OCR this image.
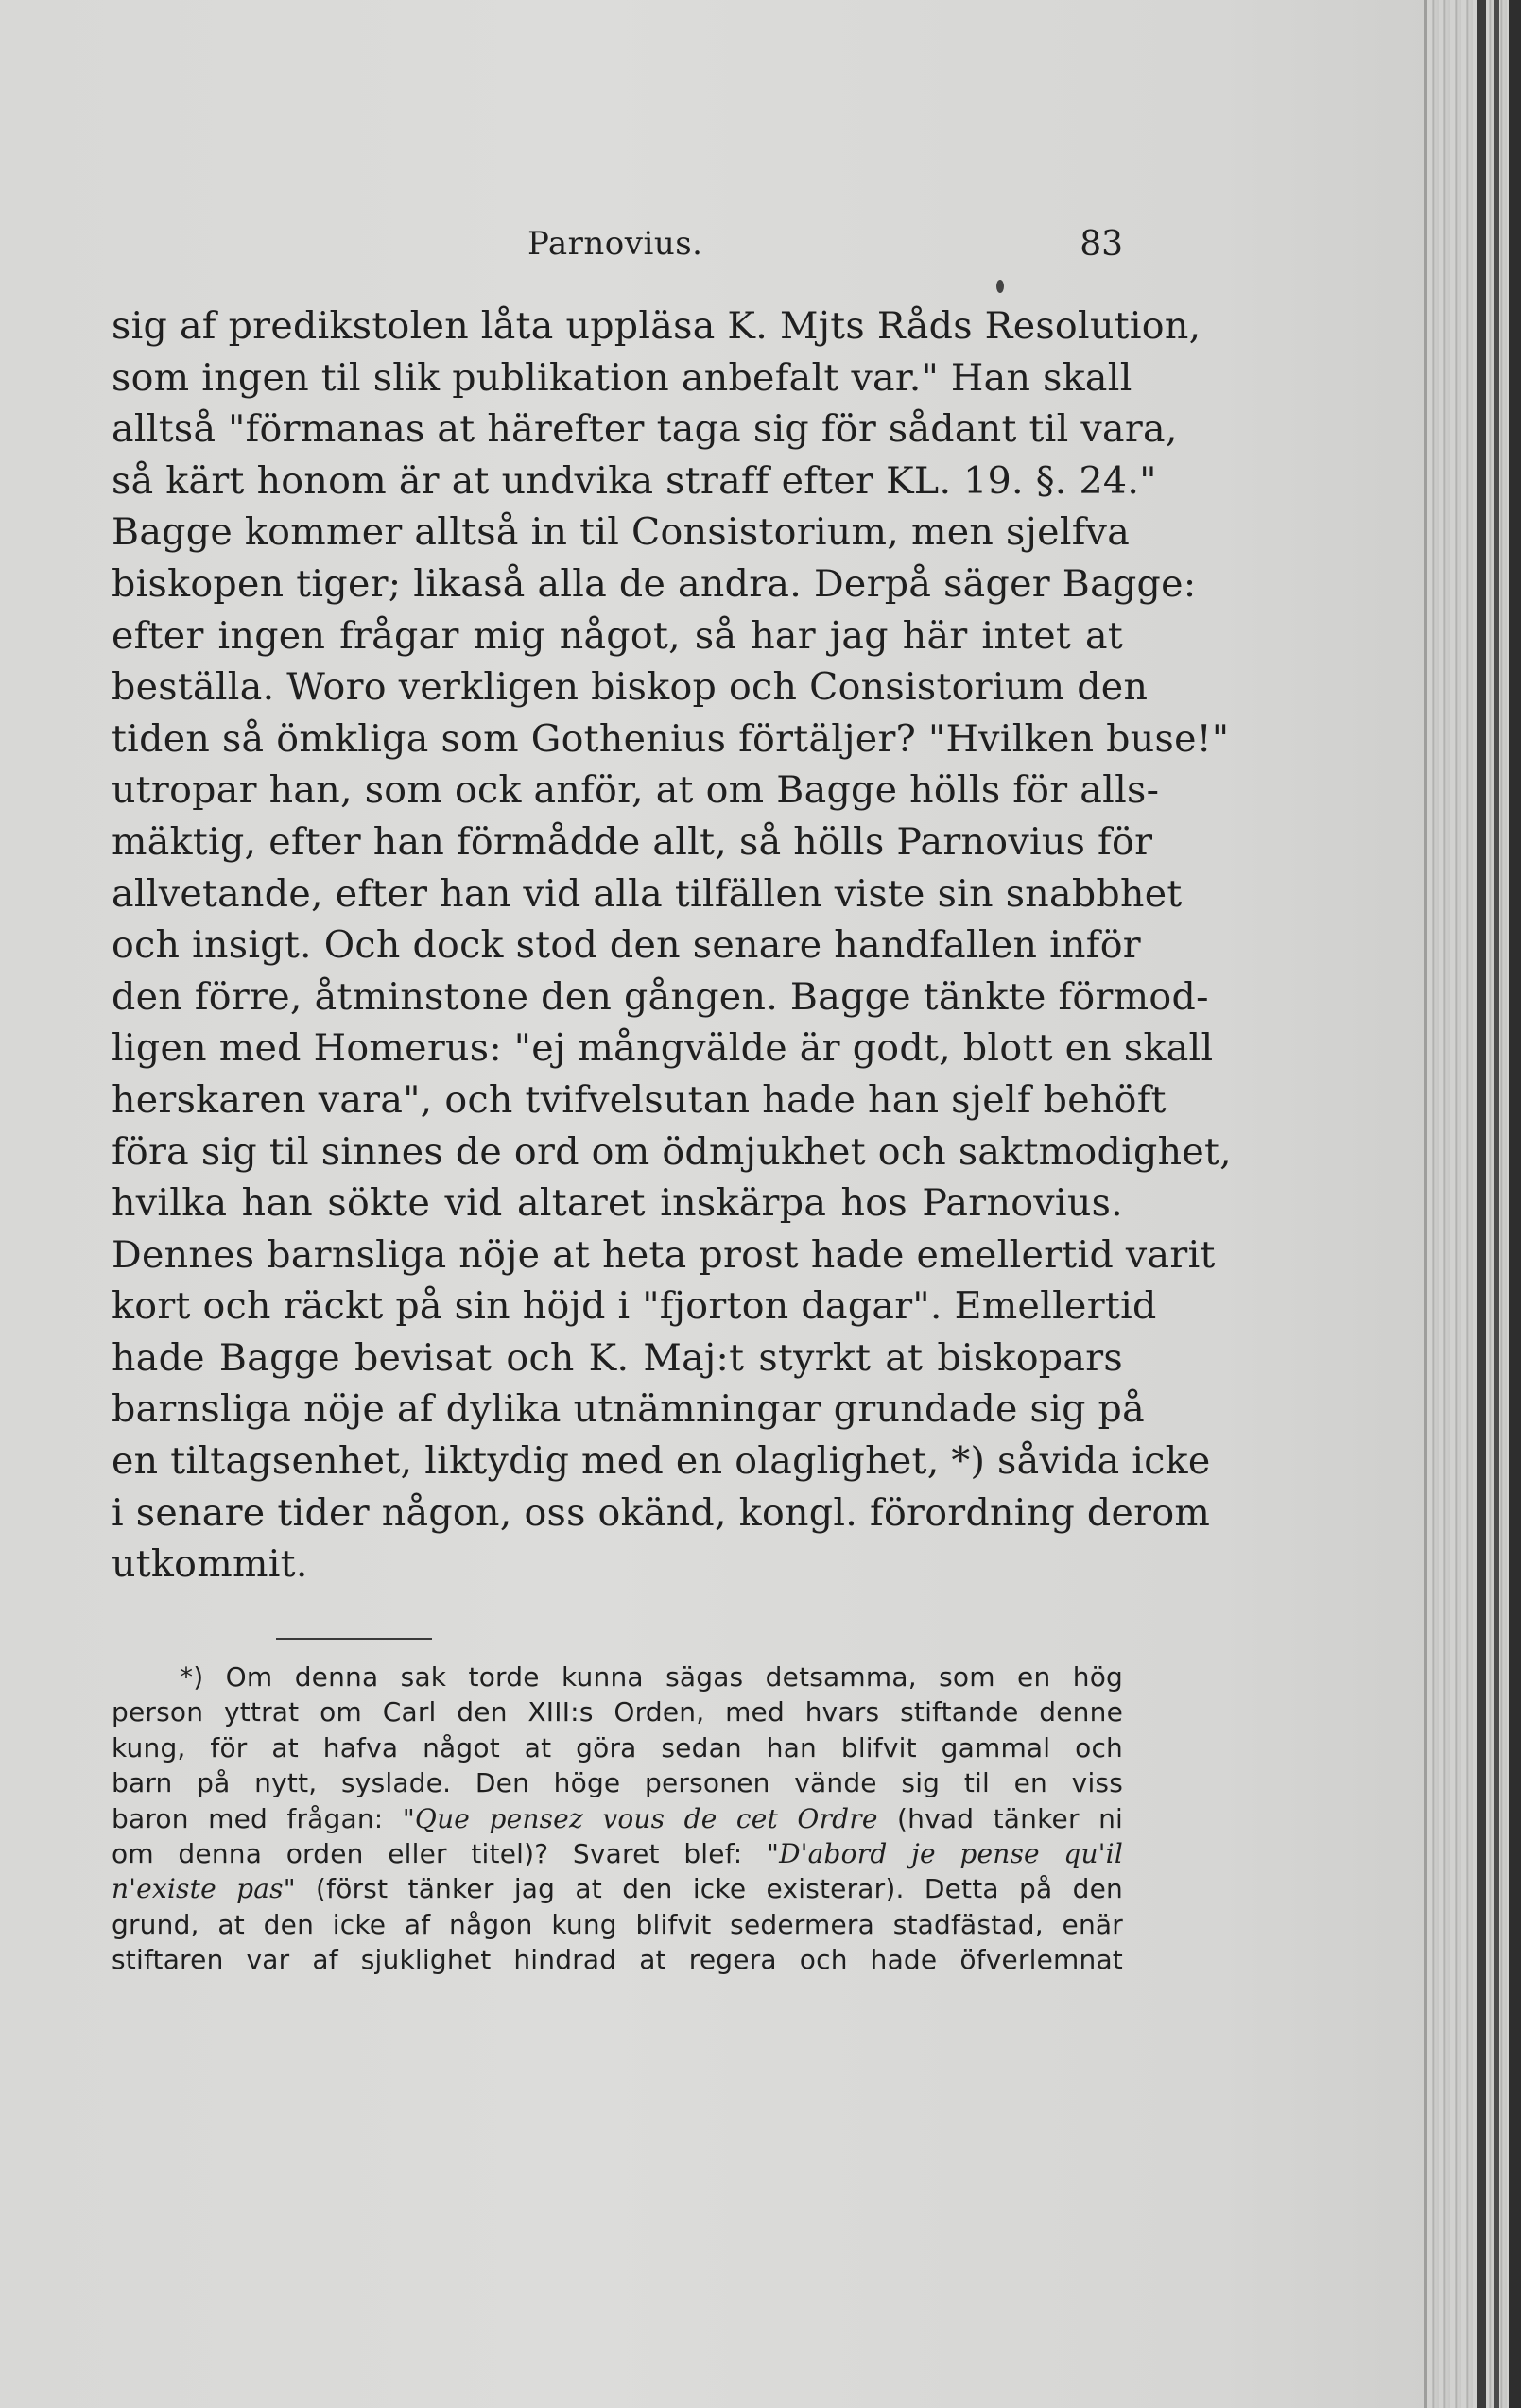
Parnovius.	83
sig af predikstolen låta uppläsa K. Mjts Råds Resolution,
som ingen til slik publikation anbefalt var." Han skall
alltså "förmanas at härefter taga sig för sådant til vara,
så kärt honom är at undvika straff efter KL. 19. §. 24."
Bagge kommer alltså in til Consistorium, men sjelfva
biskopen tiger; likaså alla de andra. Derpå säger Bagge:
efter ingen frågar mig något, så har jag här intet at
beställa. Woro verkligen biskop och Consistorium den
tiden så ömkliga som Gothenius förtäljer? "Hvilken buse!"
utropar han, som ock anför, at om Bagge hölls för alls-
mäktig, efter han förmådde allt, så hölls Parnovius för
allvetande, efter han vid alla tilfällen viste sin snabbhet
och insigt. Och dock stod den senare handfallen inför
den förre, åtminstone den gången. Bagge tänkte förmod-
ligen med Homerus: "ej mångvälde är godt, blott en skall
herskaren vara", och tvifvelsutan hade han sjelf behöft
föra sig til sinnes de ord om ödmjukhet och saktmodighet,
hvilka han sökte vid altaret inskärpa hos Parnovius.
Dennes barnsliga nöje at heta prost hade emellertid varit
kort och räckt på sin höjd i "fjorton dagar". Emellertid
hade Bagge bevisat och K. Maj:t styrkt at biskopars
barnsliga nöje af dylika utnämningar grundade sig på
en tiltagsenhet, liktydig med en olaglighet, *) såvida icke
i senare tider någon, oss okänd, kongl. förordning derom
utkommit.
*) Om denna sak torde kunna sägas detsamma, som en hög
person yttrat om Carl den XIII:s Orden, med hvars stiftande denne
kung, för at hafva något at göra sedan han blifvit gammal och
barn på nytt, syslade. Den höge personen vände sig til en viss
baron med frågan: "Que pensez vous de cet Ordre (hvad tänker ni
om denna orden eller titel)? Svaret blef: "D'abord je pense qu'il
n'existe pas" (först tänker jag at den icke existerar). Detta på den
grund, at den icke af någon kung blifvit sedermera stadfästad, enär
stiftaren var af sjuklighet hindrad at regera och hade öfverlemnat
